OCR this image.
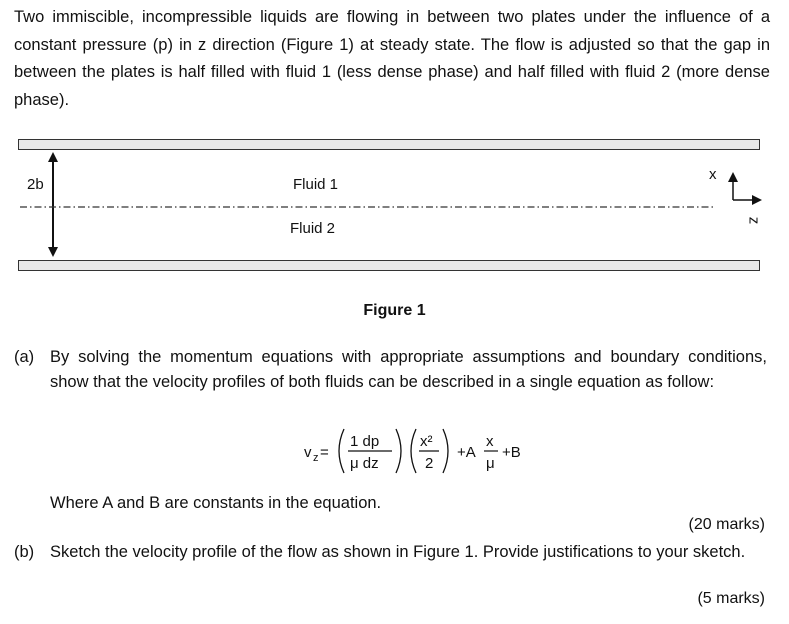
Two immiscible, incompressible liquids are flowing in between two plates under the influence of a constant pressure (p) in z direction (Figure 1) at steady state. The flow is adjusted so that the gap in between the plates is half filled with fluid 1 (less dense phase) and half filled with fluid 2 (more dense phase).
2b	Fluid 1
Fluid 2
x
z
Figure 1
(a) By solving the momentum equations with appropriate assumptions and boundary conditions, show that the velocity profiles of both fluids can be described in a single equation as follow:
v z =
1 dp
μ dz
x²
2
+A
x
μ
+B
Where A and B are constants in the equation.
(20 marks)
(b) Sketch the velocity profile of the flow as shown in Figure 1. Provide justifications to your sketch.
(5 marks)
